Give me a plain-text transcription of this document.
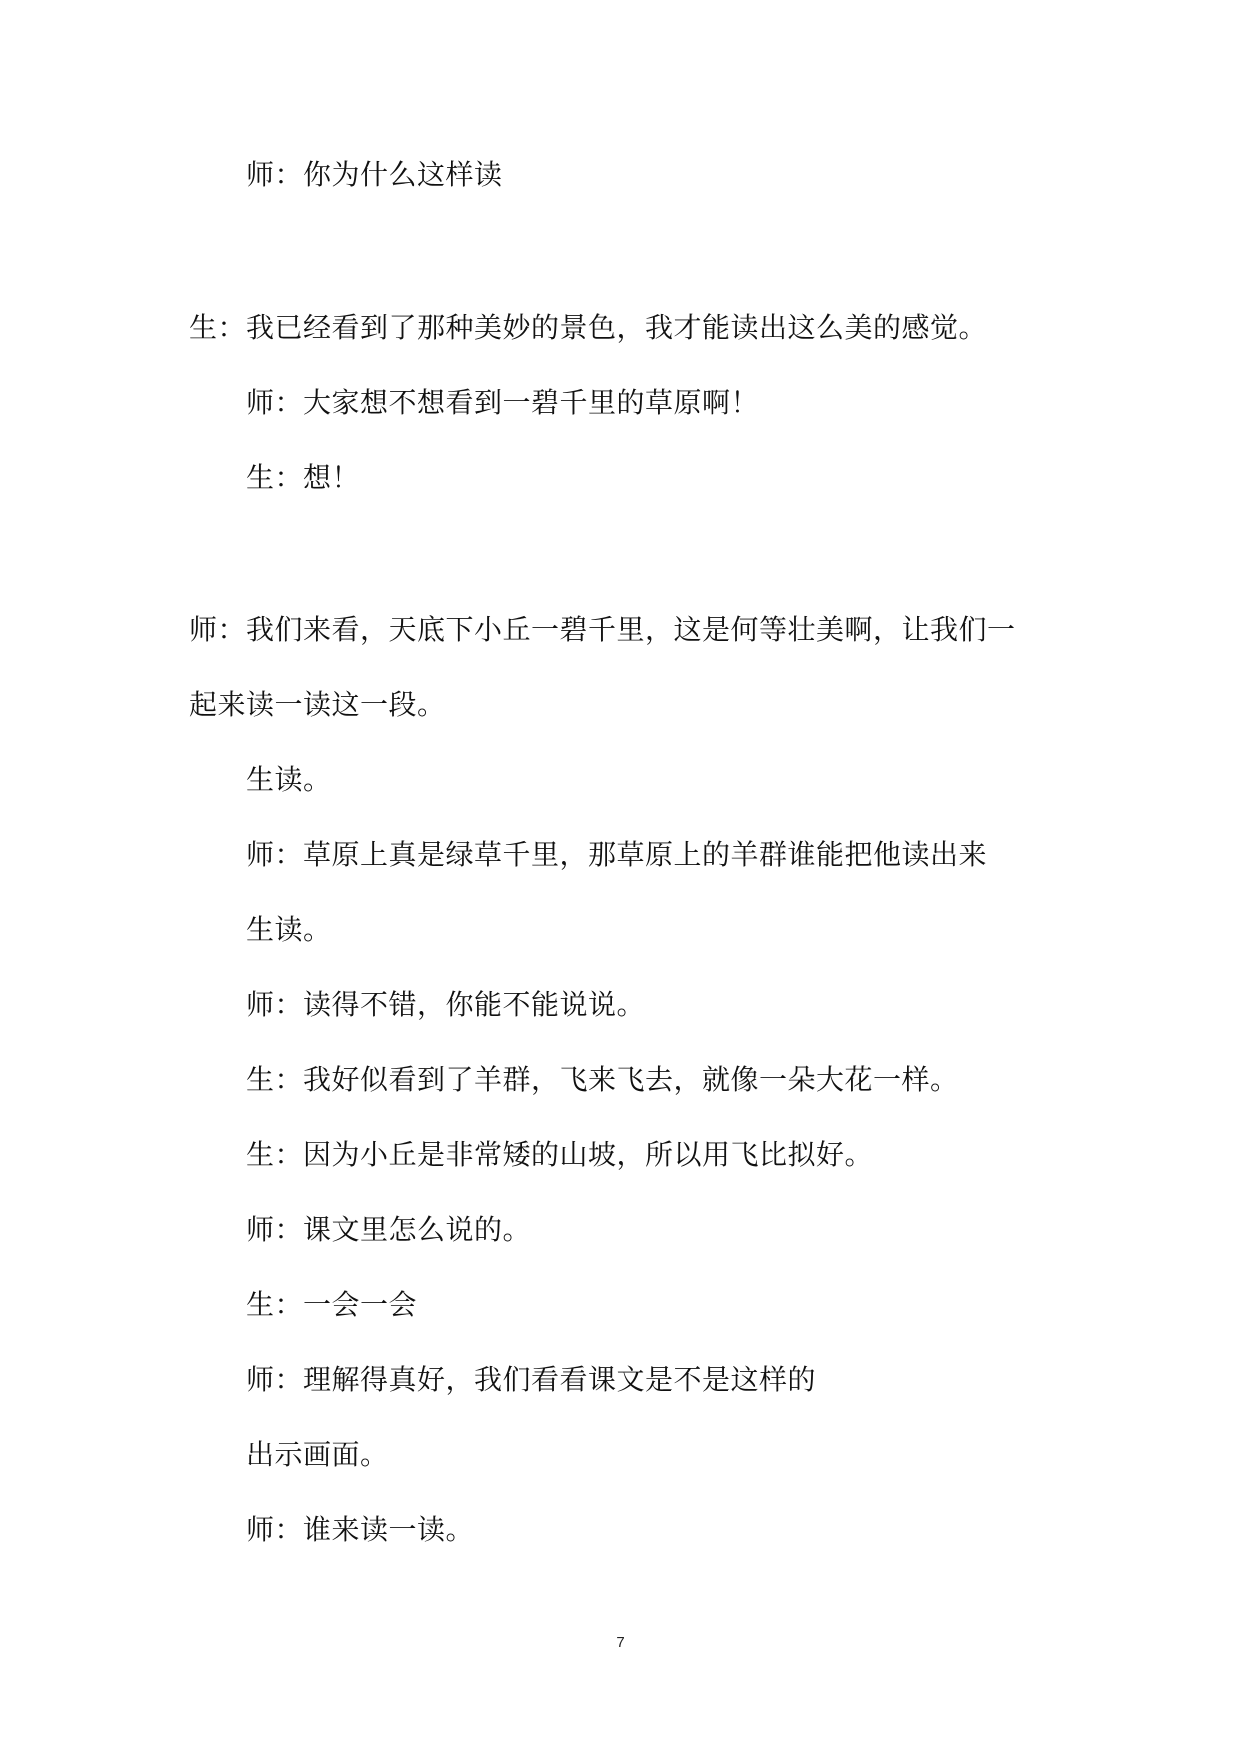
师：你为什么这样读
生：我已经看到了那种美妙的景色，我才能读出这么美的感觉。
师：大家想不想看到一碧千里的草原啊！
生：想！
师：我们来看，天底下小丘一碧千里，这是何等壮美啊，让我们一
起来读一读这一段。
生读。
师：草原上真是绿草千里，那草原上的羊群谁能把他读出来
生读。
师：读得不错，你能不能说说。
生：我好似看到了羊群，飞来飞去，就像一朵大花一样。
生：因为小丘是非常矮的山坡，所以用飞比拟好。
师：课文里怎么说的。
生：一会一会
师：理解得真好，我们看看课文是不是这样的
出示画面。
师：谁来读一读。
7
